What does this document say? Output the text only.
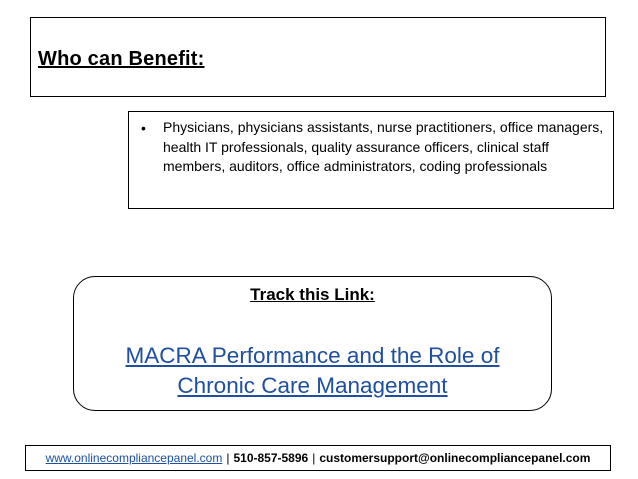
Who can Benefit:
•	Physicians, physicians assistants, nurse practitioners, office managers, health IT professionals, quality assurance officers, clinical staff members, auditors, office administrators, coding professionals
Track this Link:
MACRA Performance and the Role of
Chronic Care Management
www.onlinecompliancepanel.com | 510-857-5896 | customersupport@onlinecompliancepanel.com
